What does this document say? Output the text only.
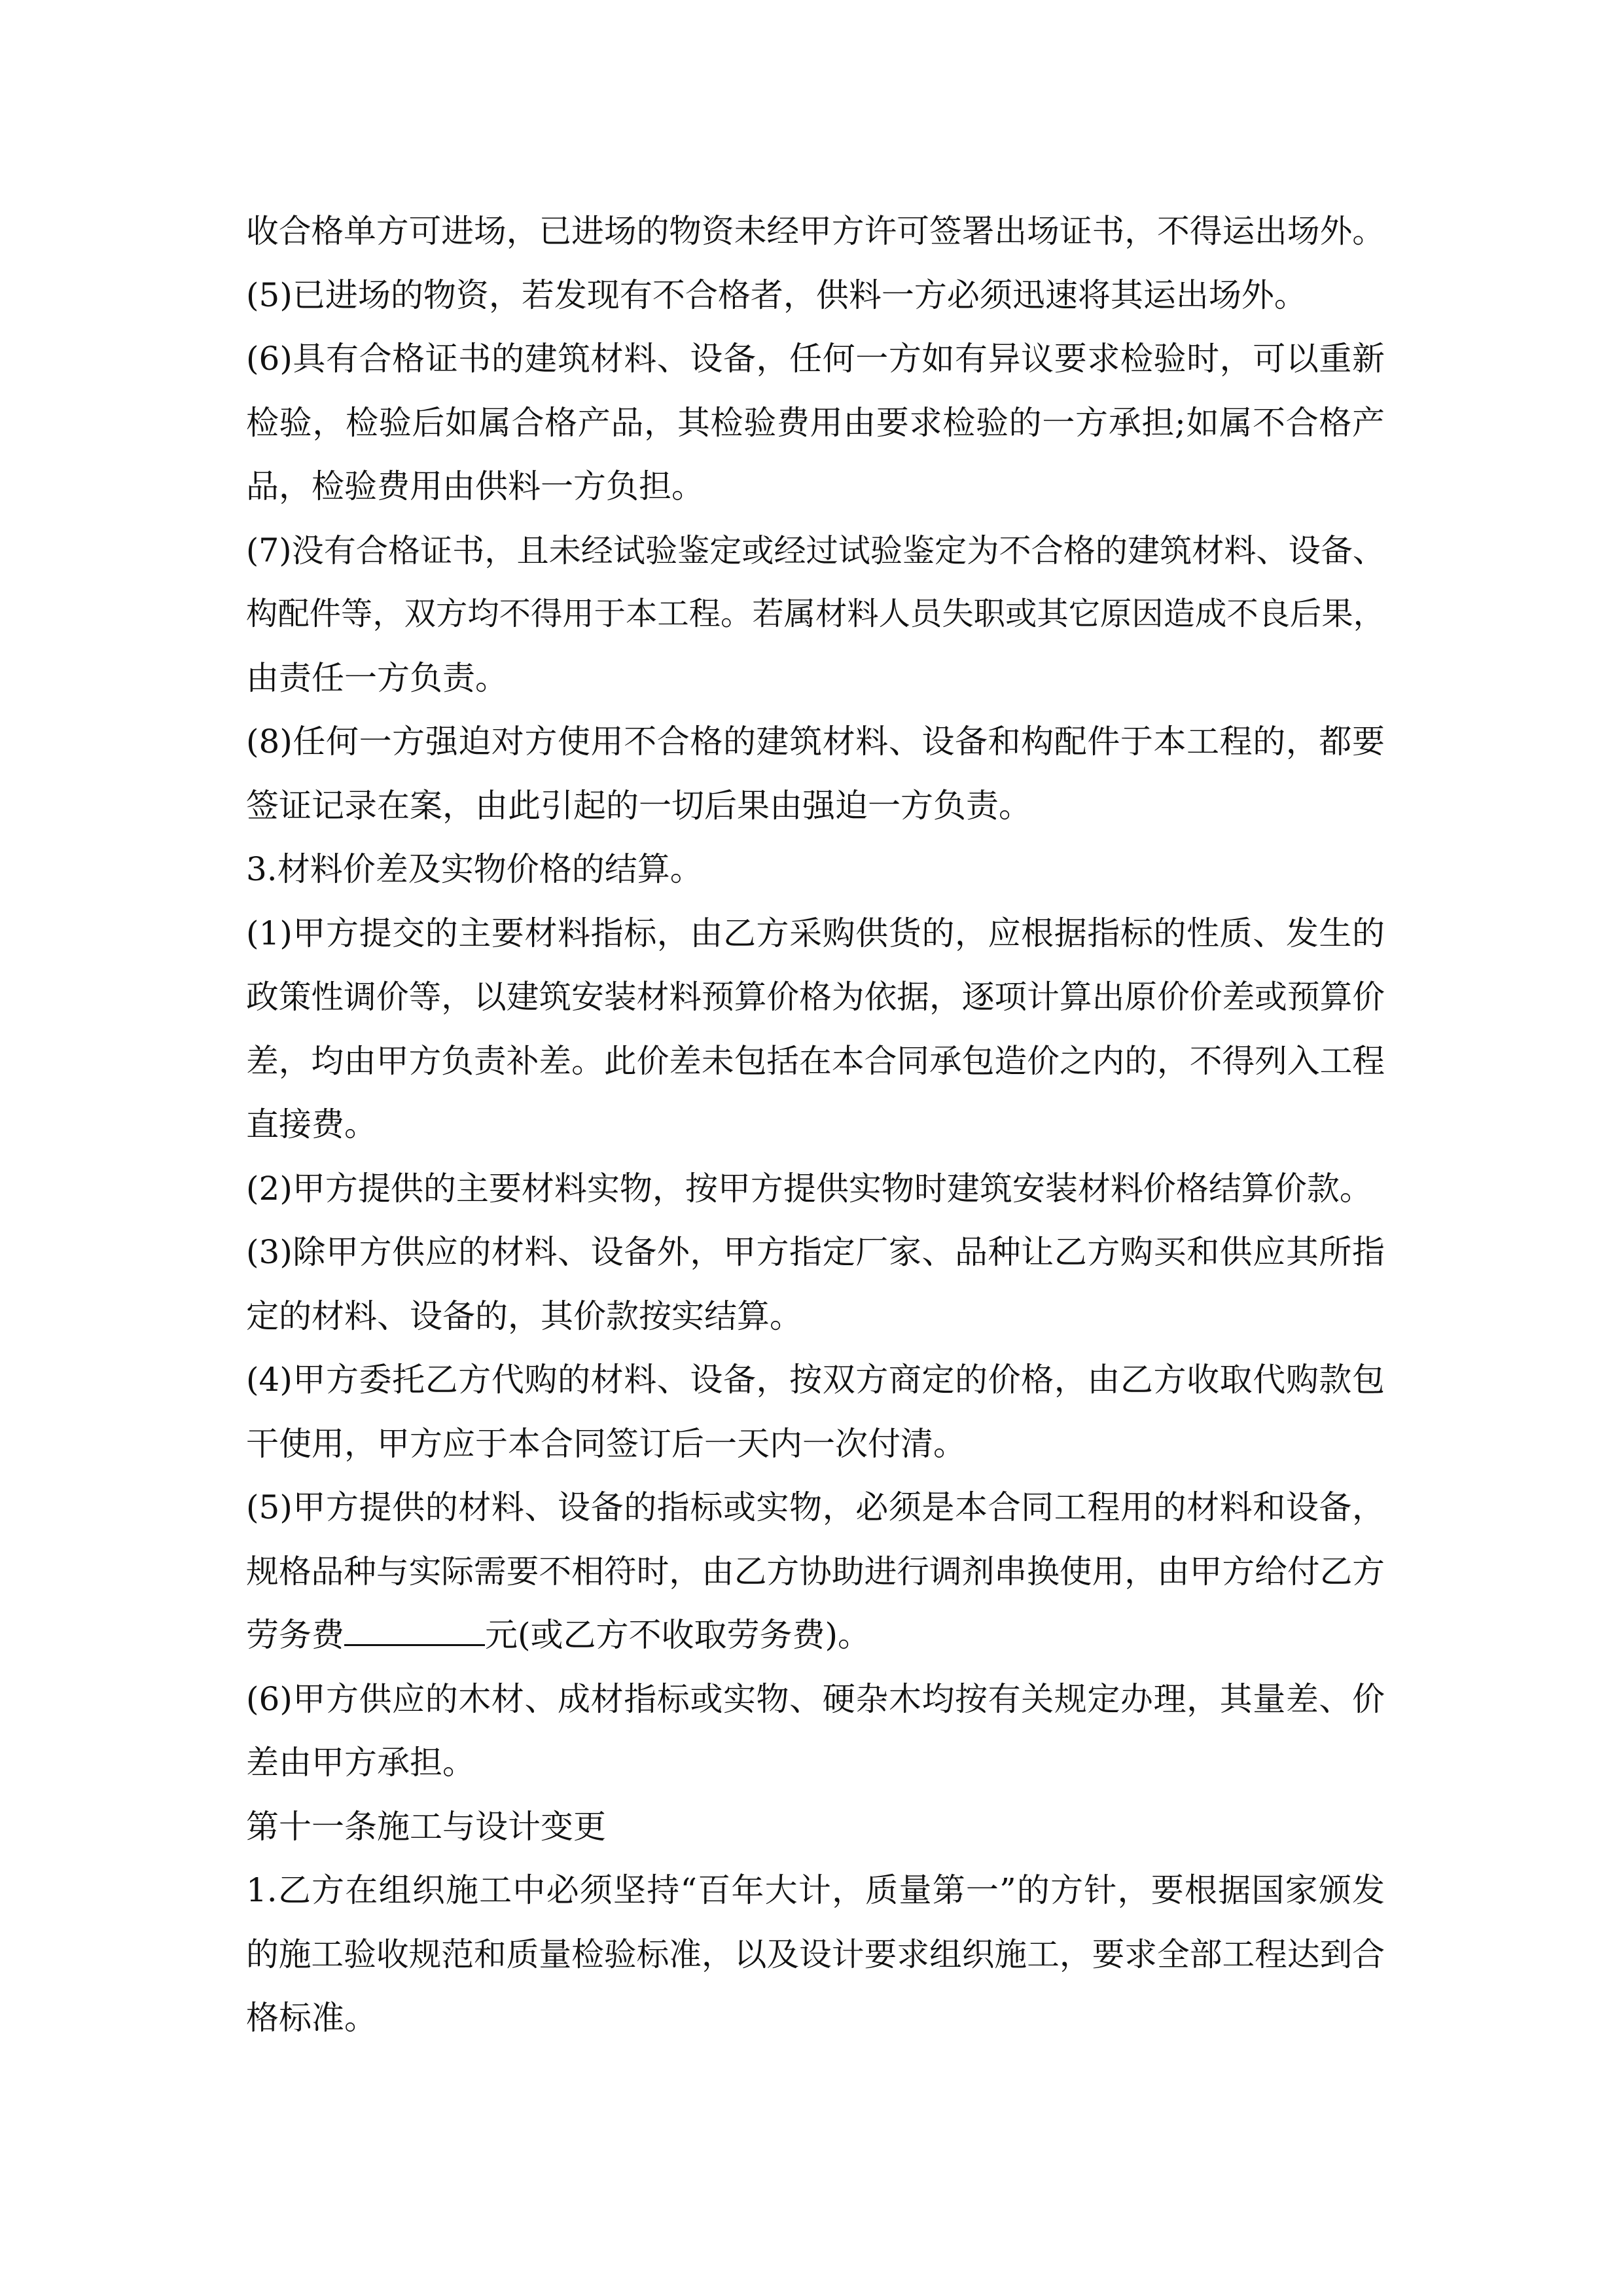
收合格单方可进场，已进场的物资未经甲方许可签署出场证书，不得运出场外。
(5)已进场的物资，若发现有不合格者，供料一方必须迅速将其运出场外。
(6)具有合格证书的建筑材料、设备，任何一方如有异议要求检验时，可以重新
检验，检验后如属合格产品，其检验费用由要求检验的一方承担;如属不合格产
品，检验费用由供料一方负担。
(7)没有合格证书，且未经试验鉴定或经过试验鉴定为不合格的建筑材料、设备、
构配件等，双方均不得用于本工程。若属材料人员失职或其它原因造成不良后果，
由责任一方负责。
(8)任何一方强迫对方使用不合格的建筑材料、设备和构配件于本工程的，都要
签证记录在案，由此引起的一切后果由强迫一方负责。
3.材料价差及实物价格的结算。
(1)甲方提交的主要材料指标，由乙方采购供货的，应根据指标的性质、发生的
政策性调价等，以建筑安装材料预算价格为依据，逐项计算出原价价差或预算价
差，均由甲方负责补差。此价差未包括在本合同承包造价之内的，不得列入工程
直接费。
(2)甲方提供的主要材料实物，按甲方提供实物时建筑安装材料价格结算价款。
(3)除甲方供应的材料、设备外，甲方指定厂家、品种让乙方购买和供应其所指
定的材料、设备的，其价款按实结算。
(4)甲方委托乙方代购的材料、设备，按双方商定的价格，由乙方收取代购款包
干使用，甲方应于本合同签订后一天内一次付清。
(5)甲方提供的材料、设备的指标或实物，必须是本合同工程用的材料和设备，
规格品种与实际需要不相符时，由乙方协助进行调剂串换使用，由甲方给付乙方
劳务费	元(或乙方不收取劳务费)。
(6)甲方供应的木材、成材指标或实物、硬杂木均按有关规定办理，其量差、价
差由甲方承担。
第十一条施工与设计变更
1.乙方在组织施工中必须坚持“百年大计，质量第一”的方针，要根据国家颁发
的施工验收规范和质量检验标准，以及设计要求组织施工，要求全部工程达到合
格标准。
